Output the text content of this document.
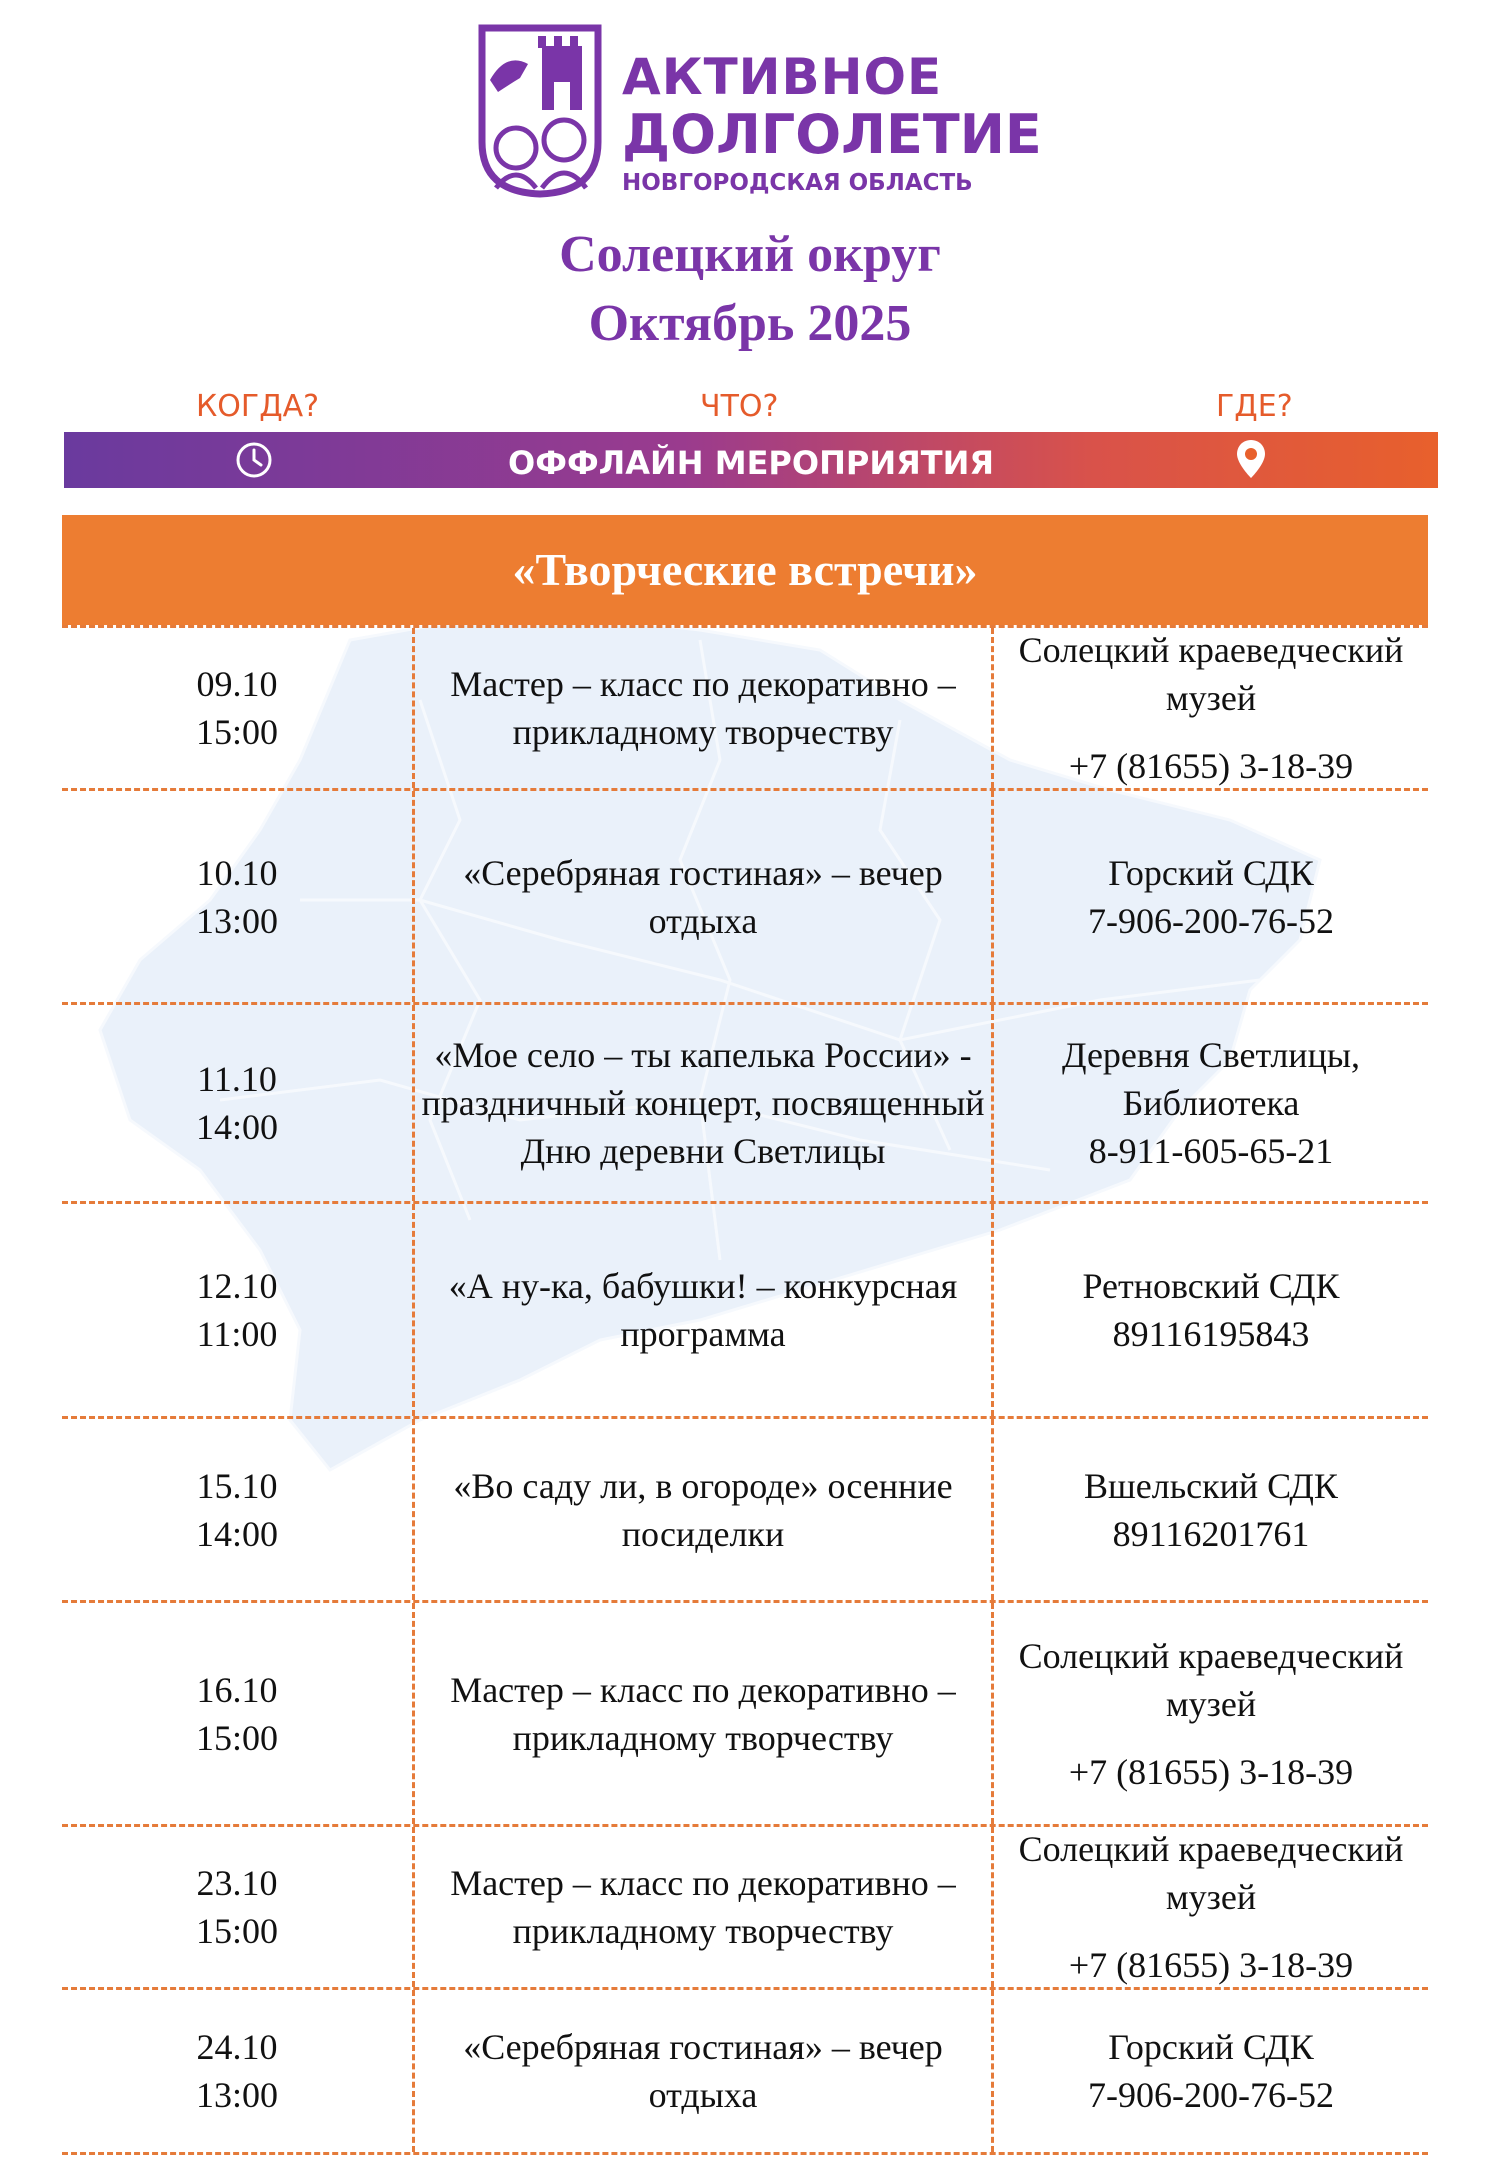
АКТИВНОЕ
ДОЛГОЛЕТИЕ
НОВГОРОДСКАЯ ОБЛАСТЬ
Солецкий округ
Октябрь 2025
КОГДА?	ЧТО?	ГДЕ?
ОФФЛАЙН МЕРОПРИЯТИЯ
«Творческие встречи»
09.10
15:00
Мастер – класс по декоративно – прикладному творчеству
Солецкий краеведческий музей
+7 (81655) 3-18-39
10.10
13:00
«Серебряная гостиная» – вечер отдыха
Горский СДК
7-906-200-76-52
11.10
14:00
«Мое село – ты капелька России» - праздничный концерт, посвященный Дню деревни Светлицы
Деревня Светлицы, Библиотека
8-911-605-65-21
12.10
11:00
«А ну-ка, бабушки! – конкурсная программа
Ретновский СДК
89116195843
15.10
14:00
«Во саду ли, в огороде» осенние посиделки
Вшельский СДК
89116201761
16.10
15:00
Мастер – класс по декоративно – прикладному творчеству
Солецкий краеведческий музей
+7 (81655) 3-18-39
23.10
15:00
Мастер – класс по декоративно – прикладному творчеству
Солецкий краеведческий музей
+7 (81655) 3-18-39
24.10
13:00
«Серебряная гостиная» – вечер отдыха
Горский СДК
7-906-200-76-52
